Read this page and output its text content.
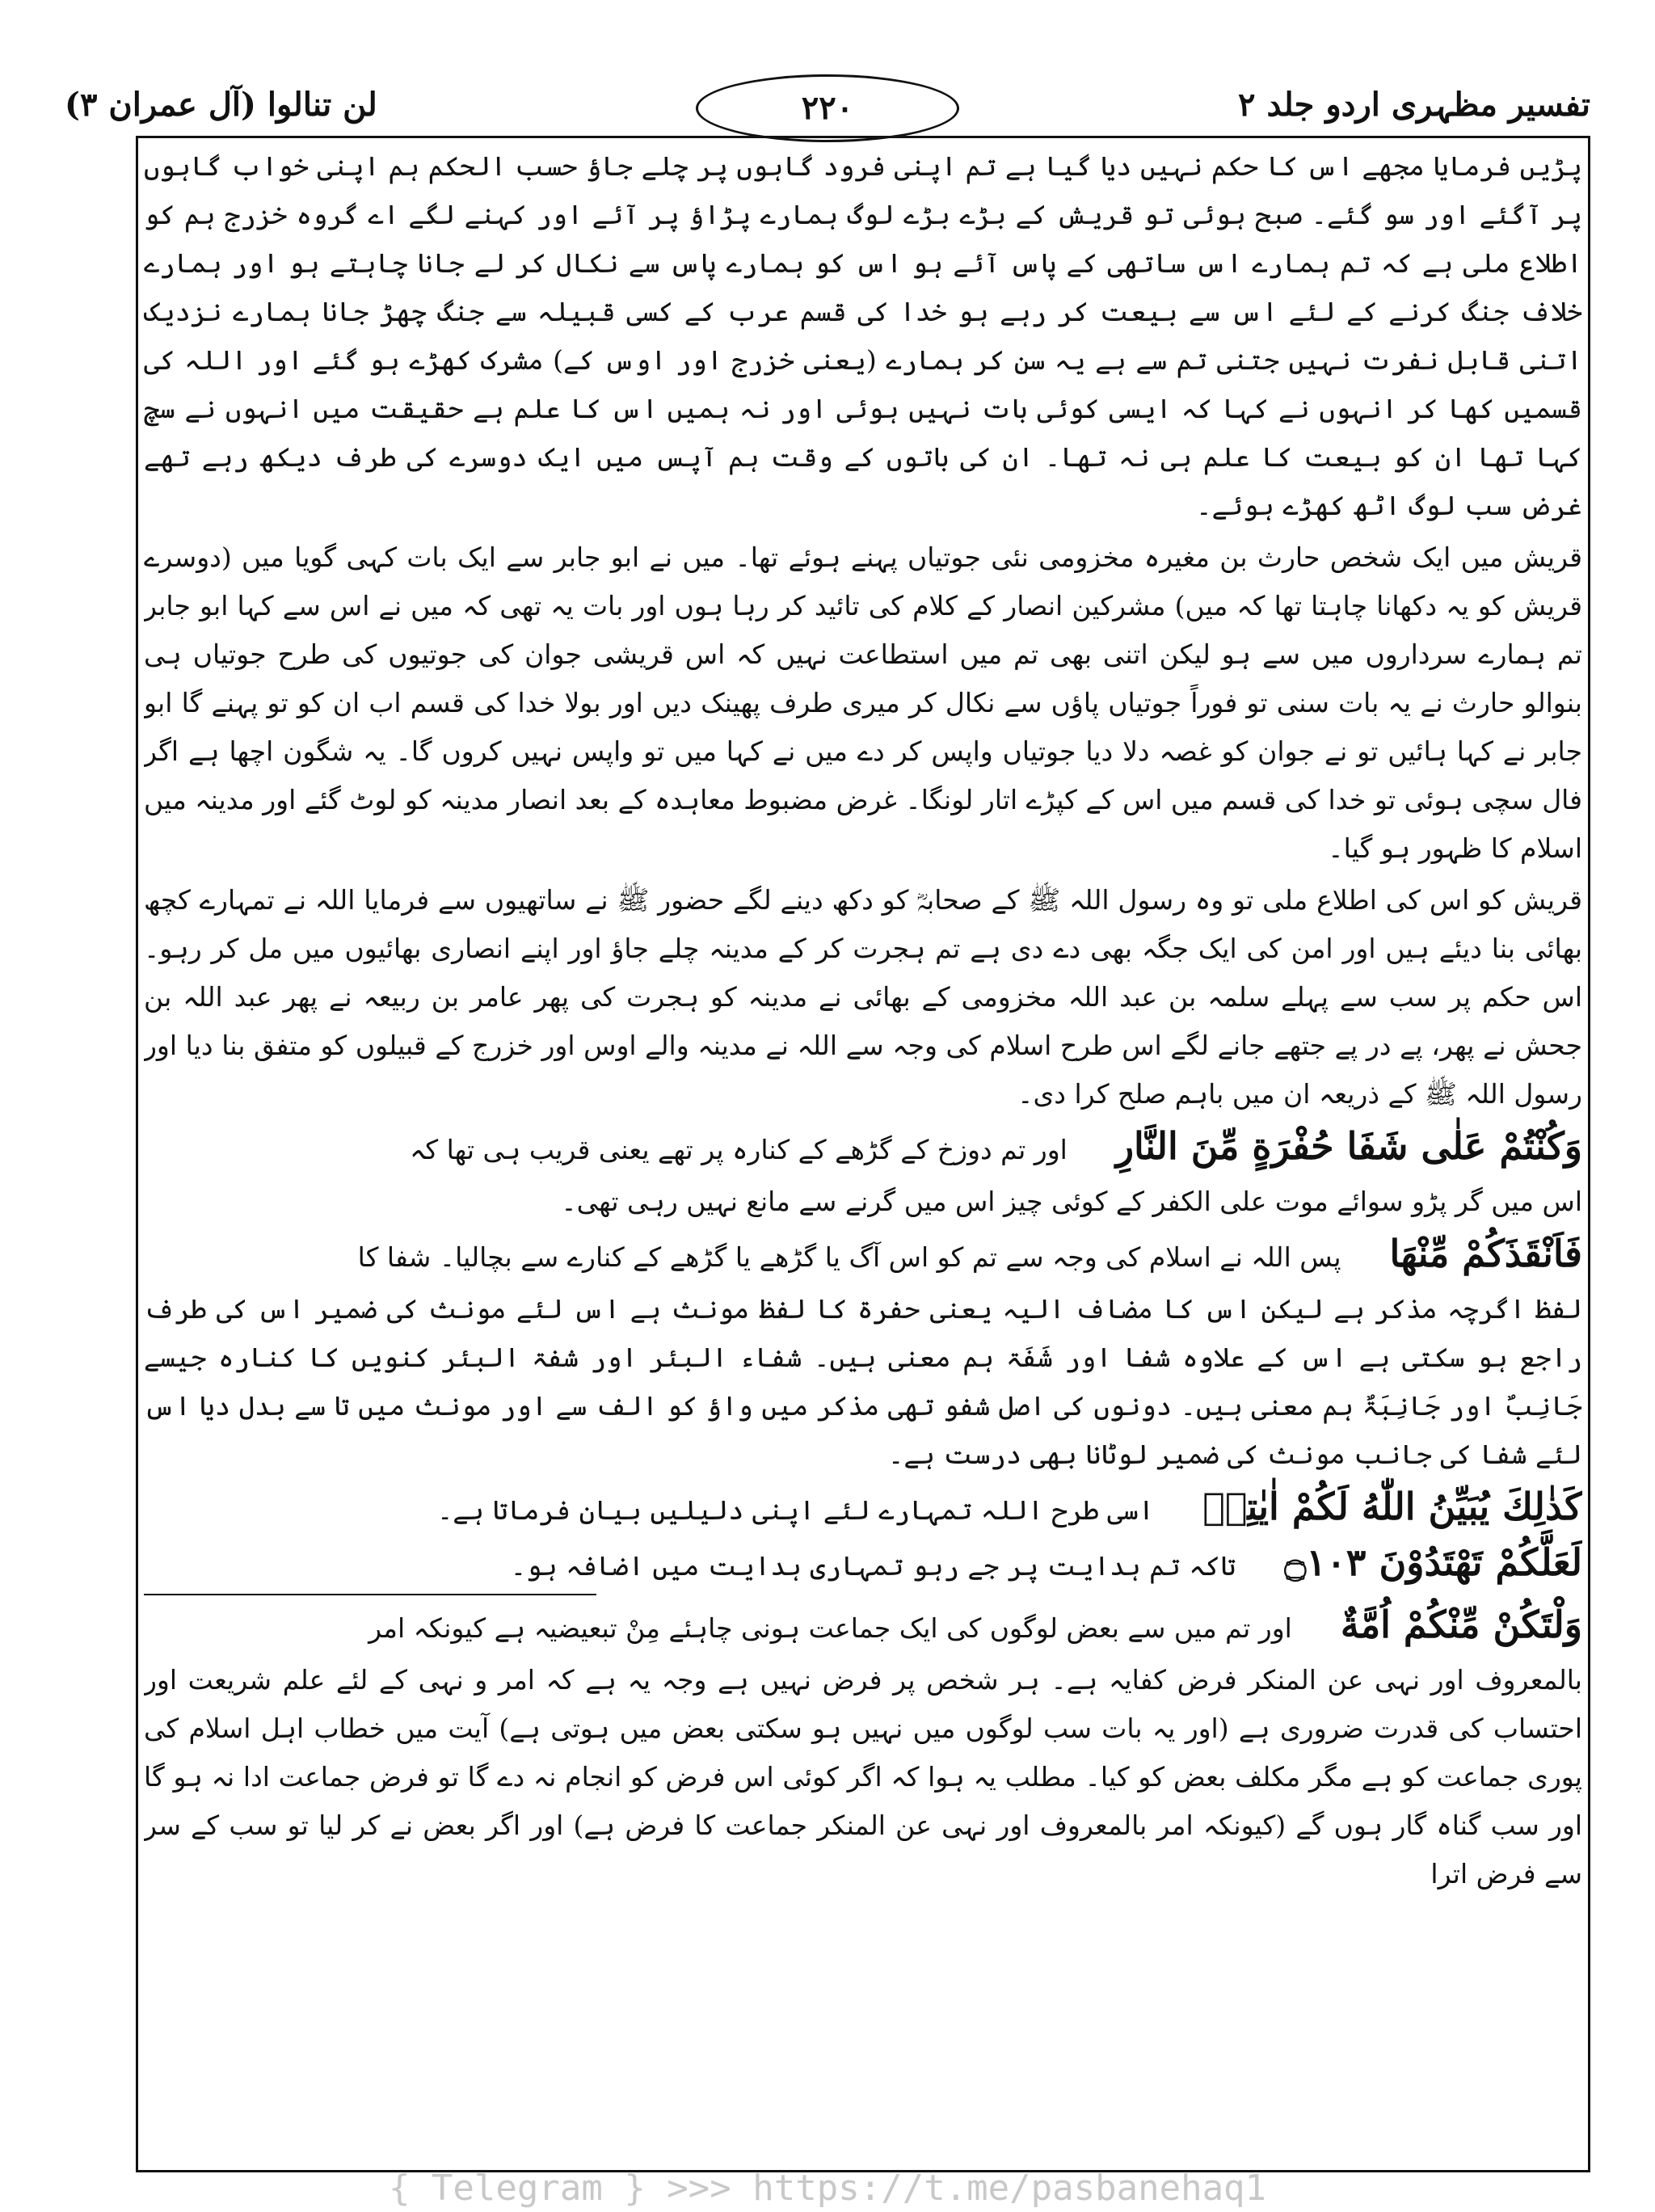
لن تنالوا (آل عمران ۳)	۲۲۰	تفسیر مظہری اردو جلد ۲

پڑیں فرمایا مجھے اس کا حکم نہیں دیا گیا ہے تم اپنی فرود گاہوں پر چلے جاؤ حسب الحکم ہم اپنی خواب گاہوں پر آگئے اور سو گئے۔ صبح ہوئی تو قریش کے بڑے بڑے لوگ ہمارے پڑاؤ پر آئے اور کہنے لگے اے گروہ خزرج ہم کو اطلاع ملی ہے کہ تم ہمارے اس ساتھی کے پاس آئے ہو اس کو ہمارے پاس سے نکال کر لے جانا چاہتے ہو اور ہمارے خلاف جنگ کرنے کے لئے اس سے بیعت کر رہے ہو خدا کی قسم عرب کے کسی قبیلہ سے جنگ چھڑ جانا ہمارے نزدیک اتنی قابل نفرت نہیں جتنی تم سے ہے یہ سن کر ہمارے (یعنی خزرج اور اوس کے) مشرک کھڑے ہو گئے اور اللہ کی قسمیں کھا کر انہوں نے کہا کہ ایسی کوئی بات نہیں ہوئی اور نہ ہمیں اس کا علم ہے حقیقت میں انہوں نے سچ کہا تھا ان کو بیعت کا علم ہی نہ تھا۔ ان کی باتوں کے وقت ہم آپس میں ایک دوسرے کی طرف دیکھ رہے تھے غرض سب لوگ اٹھ کھڑے ہوئے۔

قریش میں ایک شخص حارث بن مغیرہ مخزومی نئی جوتیاں پہنے ہوئے تھا۔ میں نے ابو جابر سے ایک بات کہی گویا میں (دوسرے قریش کو یہ دکھانا چاہتا تھا کہ میں) مشرکین انصار کے کلام کی تائید کر رہا ہوں اور بات یہ تھی کہ میں نے اس سے کہا ابو جابر تم ہمارے سرداروں میں سے ہو لیکن اتنی بھی تم میں استطاعت نہیں کہ اس قریشی جوان کی جوتیوں کی طرح جوتیاں ہی بنوالو حارث نے یہ بات سنی تو فوراً جوتیاں پاؤں سے نکال کر میری طرف پھینک دیں اور بولا خدا کی قسم اب ان کو تو پہنے گا ابو جابر نے کہا ہائیں تو نے جوان کو غصہ دلا دیا جوتیاں واپس کر دے میں نے کہا میں تو واپس نہیں کروں گا۔ یہ شگون اچھا ہے اگر فال سچی ہوئی تو خدا کی قسم میں اس کے کپڑے اتار لونگا۔ غرض مضبوط معاہدہ کے بعد انصار مدینہ کو لوٹ گئے اور مدینہ میں اسلام کا ظہور ہو گیا۔

قریش کو اس کی اطلاع ملی تو وہ رسول اللہ ﷺ کے صحابہؓ کو دکھ دینے لگے حضور ﷺ نے ساتھیوں سے فرمایا اللہ نے تمہارے کچھ بھائی بنا دیئے ہیں اور امن کی ایک جگہ بھی دے دی ہے تم ہجرت کر کے مدینہ چلے جاؤ اور اپنے انصاری بھائیوں میں مل کر رہو۔ اس حکم پر سب سے پہلے سلمہ بن عبد اللہ مخزومی کے بھائی نے مدینہ کو ہجرت کی پھر عامر بن ربیعہ نے پھر عبد اللہ بن جحش نے پھر، پے در پے جتھے جانے لگے اس طرح اسلام کی وجہ سے اللہ نے مدینہ والے اوس اور خزرج کے قبیلوں کو متفق بنا دیا اور رسول اللہ ﷺ کے ذریعہ ان میں باہم صلح کرا دی۔

وَكُنْتُمْ عَلٰى شَفَا حُفْرَةٍ مِّنَ النَّارِ
اور تم دوزخ کے گڑھے کے کنارہ پر تھے یعنی قریب ہی تھا کہ

اس میں گر پڑو سوائے موت علی الکفر کے کوئی چیز اس میں گرنے سے مانع نہیں رہی تھی۔

فَاَنْقَذَكُمْ مِّنْهَا
پس اللہ نے اسلام کی وجہ سے تم کو اس آگ یا گڑھے یا گڑھے کے کنارے سے بچالیا۔ شفا کا

لفظ اگرچہ مذکر ہے لیکن اس کا مضاف الیہ یعنی حفرۃ کا لفظ مونث ہے اس لئے مونث کی ضمیر اس کی طرف راجع ہو سکتی ہے اس کے علاوہ شفا اور شَفَۃ ہم معنی ہیں۔ شفاء البئر اور شفۃ البئر کنویں کا کنارہ جیسے جَانِبٌ اور جَانِبَۃٌ ہم معنی ہیں۔ دونوں کی اصل شفو تھی مذکر میں واؤ کو الف سے اور مونث میں تا سے بدل دیا اس لئے شفا کی جانب مونث کی ضمیر لوٹانا بھی درست ہے۔

كَذٰلِكَ يُبَيِّنُ اللّٰهُ لَكُمْ اٰيٰتِهٖ
اسی طرح اللہ تمہارے لئے اپنی دلیلیں بیان فرماتا ہے۔
لَعَلَّكُمْ تَهْتَدُوْنَ ۝۱۰۳
تاکہ تم ہدایت پر جے رہو تمہاری ہدایت میں اضافہ ہو۔
وَلْتَكُنْ مِّنْكُمْ اُمَّةٌ
اور تم میں سے بعض لوگوں کی ایک جماعت ہونی چاہئے مِنْ تبعیضیہ ہے کیونکہ امر

بالمعروف اور نہی عن المنکر فرض کفایہ ہے۔ ہر شخص پر فرض نہیں ہے وجہ یہ ہے کہ امر و نہی کے لئے علم شریعت اور احتساب کی قدرت ضروری ہے (اور یہ بات سب لوگوں میں نہیں ہو سکتی بعض میں ہوتی ہے) آیت میں خطاب اہل اسلام کی پوری جماعت کو ہے مگر مکلف بعض کو کیا۔ مطلب یہ ہوا کہ اگر کوئی اس فرض کو انجام نہ دے گا تو فرض جماعت ادا نہ ہو گا اور سب گناہ گار ہوں گے (کیونکہ امر بالمعروف اور نہی عن المنکر جماعت کا فرض ہے) اور اگر بعض نے کر لیا تو سب کے سر سے فرض اترا

{ Telegram } >>> https://t.me/pasbanehaq1
